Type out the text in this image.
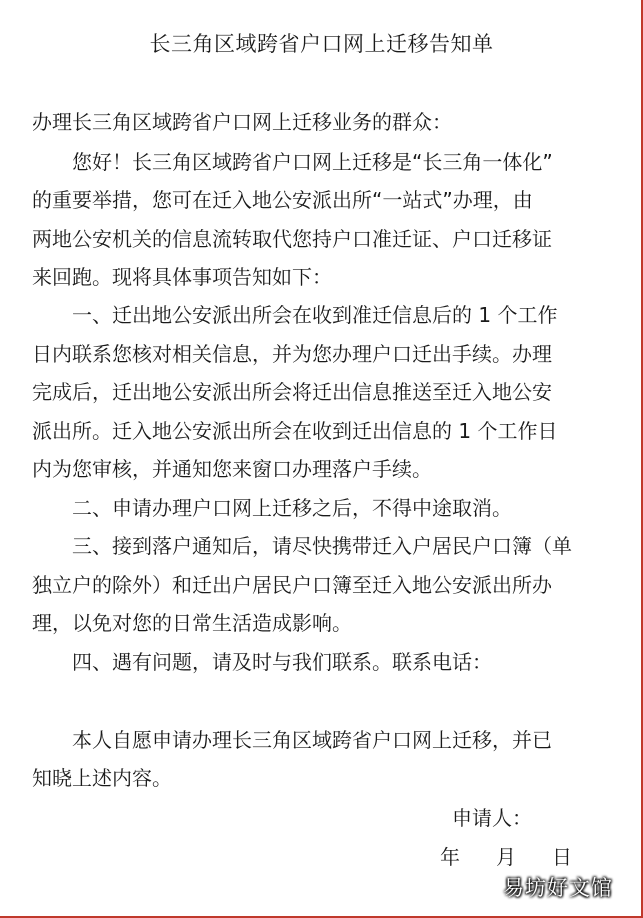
长三角区域跨省户口网上迁移告知单
办理长三角区域跨省户口网上迁移业务的群众：
您好！长三角区域跨省户口网上迁移是“长三角一体化”
的重要举措，您可在迁入地公安派出所“一站式”办理，由
两地公安机关的信息流转取代您持户口准迁证、户口迁移证
来回跑。现将具体事项告知如下：
一、迁出地公安派出所会在收到准迁信息后的 1 个工作
日内联系您核对相关信息，并为您办理户口迁出手续。办理
完成后，迁出地公安派出所会将迁出信息推送至迁入地公安
派出所。迁入地公安派出所会在收到迁出信息的 1 个工作日
内为您审核，并通知您来窗口办理落户手续。
二、申请办理户口网上迁移之后，不得中途取消。
三、接到落户通知后，请尽快携带迁入户居民户口簿（单
独立户的除外）和迁出户居民户口簿至迁入地公安派出所办
理，以免对您的日常生活造成影响。
四、遇有问题，请及时与我们联系。联系电话：
本人自愿申请办理长三角区域跨省户口网上迁移，并已
知晓上述内容。
申请人：
年 月 日
易坊好文馆
